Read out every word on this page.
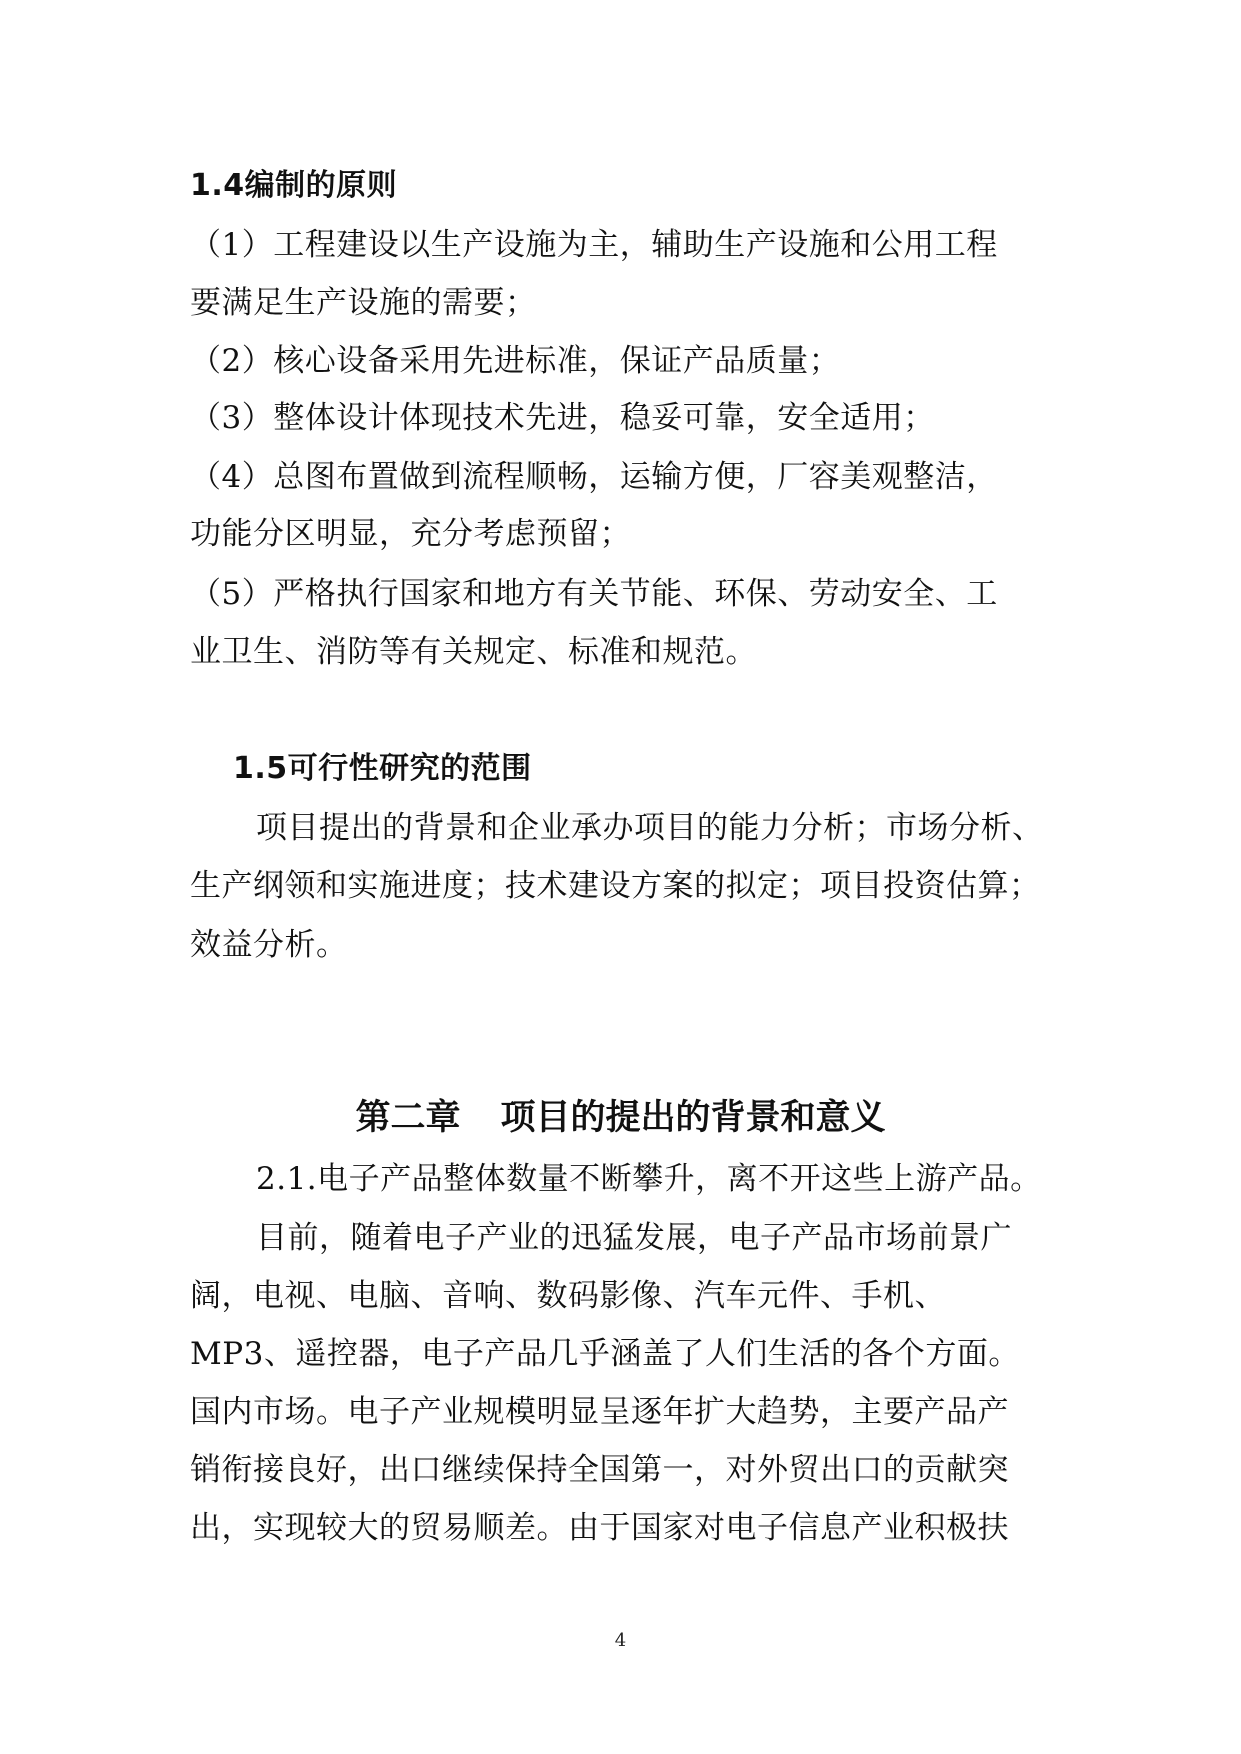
1.4编制的原则
（1）工程建设以生产设施为主，辅助生产设施和公用工程
要满足生产设施的需要；
（2）核心设备采用先进标准，保证产品质量；
（3）整体设计体现技术先进，稳妥可靠，安全适用；
（4）总图布置做到流程顺畅，运输方便，厂容美观整洁，
功能分区明显，充分考虑预留；
（5）严格执行国家和地方有关节能、环保、劳动安全、工
业卫生、消防等有关规定、标准和规范。
1.5可行性研究的范围
项目提出的背景和企业承办项目的能力分析；市场分析、
生产纲领和实施进度；技术建设方案的拟定；项目投资估算；
效益分析。
第二章 项目的提出的背景和意义
2.1.电子产品整体数量不断攀升，离不开这些上游产品。
目前，随着电子产业的迅猛发展，电子产品市场前景广
阔，电视、电脑、音响、数码影像、汽车元件、手机、
MP3、遥控器，电子产品几乎涵盖了人们生活的各个方面。
国内市场。电子产业规模明显呈逐年扩大趋势，主要产品产
销衔接良好，出口继续保持全国第一，对外贸出口的贡献突
出，实现较大的贸易顺差。由于国家对电子信息产业积极扶
4
